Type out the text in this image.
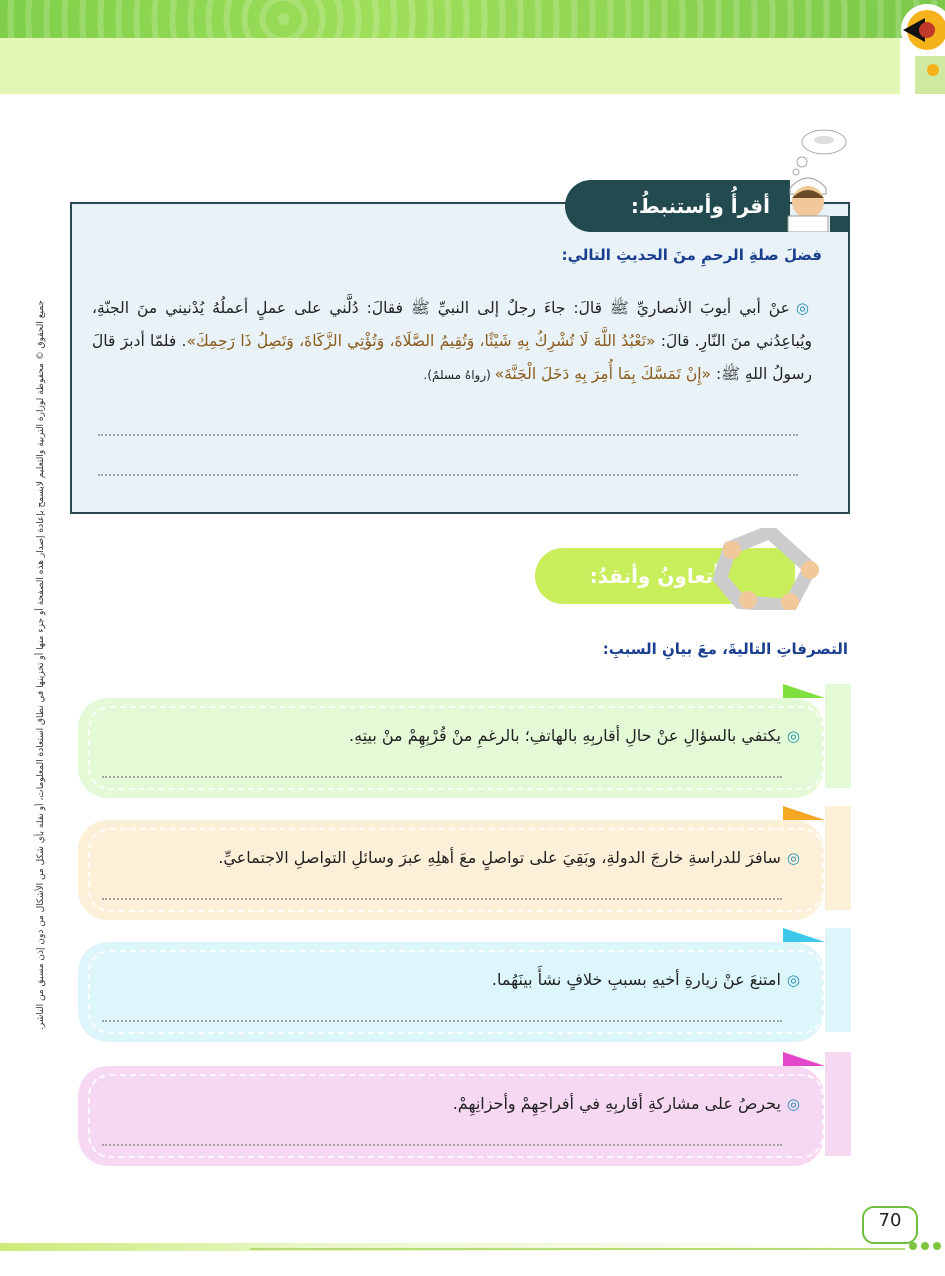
جميع الحقوق © محفوظة لوزارة التربية والتعليم لايسمح بإعادة إصدار هذه الصفحة أو جزء منها أو تخزينها في نطاق استعادة المعلومات، أو نقله بأي شكل من الأشكال من دون إذن مسبق من الناشر.
أقرأُ وأستنبطُ:
فضلَ صلةِ الرحمِ منَ الحديثِ التالي:
◎عنْ أبي أيوبَ الأنصاريِّ ﷺ قالَ: جاءَ رجلٌ إلى النبيِّ ﷺ فقالَ: دُلَّني على عملٍ أعملُهُ يُدْنيني منَ الجنّةِ، ويُباعِدُني منَ النّارِ. قالَ: «تَعْبُدُ اللَّهَ لَا تُشْرِكُ بِهِ شَيْئًا، وَتُقِيمُ الصَّلَاةَ، وَتُؤْتِي الزَّكَاةَ، وَتَصِلُ ذَا رَحِمِكَ». فلمّا أدبرَ قالَ رسولُ اللهِ ﷺ: «إِنْ تَمَسَّكَ بِمَا أُمِرَ بِهِ دَخَلَ الْجَنَّةَ» (رواهُ مسلمٌ).
أتعاونُ وأنقدُ:
التصرفاتِ التاليةَ، معَ بيانِ السببِ:
◎يكتفي بالسؤالِ عنْ حالِ أقاربِهِ بالهاتفِ؛ بالرغمِ منْ قُرْبِهِمْ منْ بيتِهِ.
◎سافرَ للدراسةِ خارجَ الدولةِ، وبَقِيَ على تواصلٍ معَ أهلِهِ عبرَ وسائلِ التواصلِ الاجتماعيِّ.
◎امتنعَ عنْ زيارةِ أخيهِ بسببِ خلافٍ نشأَ بينَهُما.
◎يحرصُ على مشاركةِ أقاربِهِ في أفراحِهِمْ وأحزانِهِمْ.
70
